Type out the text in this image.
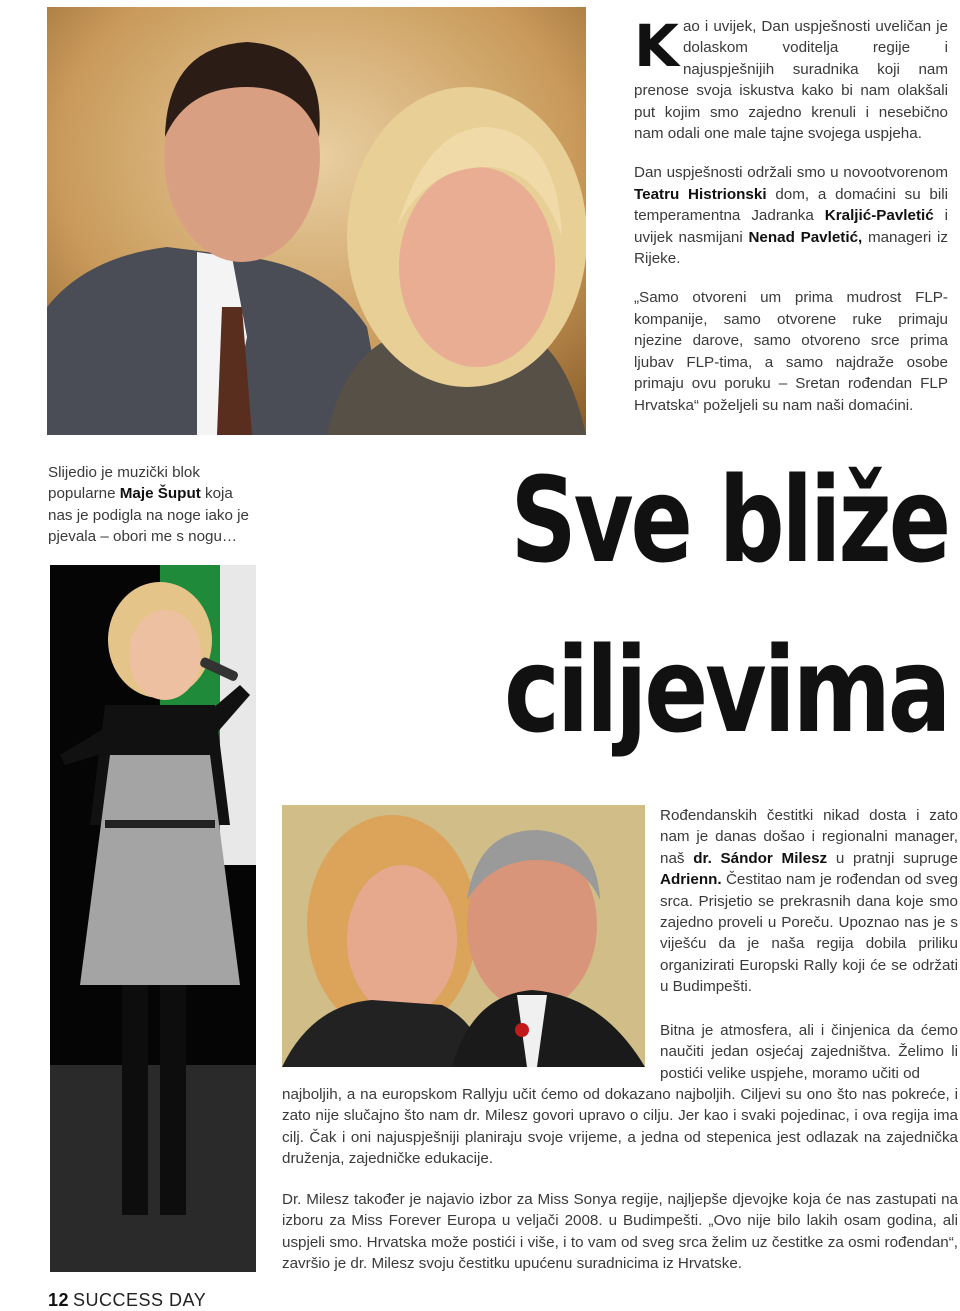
Kao i uvijek, Dan uspješnosti uveličan je dolaskom voditelja regije i najuspješnijih suradnika koji nam prenose svoja iskustva kako bi nam olakšali put kojim smo zajedno krenuli i nesebično nam odali one male tajne svojega uspjeha.

Dan uspješnosti održali smo u novootvorenom Teatru Histrionski dom, a domaćini su bili temperamentna Jadranka Kraljić-Pavletić i uvijek nasmijani Nenad Pavletić, manageri iz Rijeke.

„Samo otvoreni um prima mudrost FLP-kompanije, samo otvorene ruke primaju njezine darove, samo otvoreno srce prima ljubav FLP-tima, a samo najdraže osobe primaju ovu poruku – Sretan rođendan FLP Hrvatska“ poželjeli su nam naši domaćini.

Slijedio je muzički blok popularne Maje Šuput koja nas je podigla na noge iako je pjevala – obori me s nogu… Sve bliže
ciljevima
Rođendanskih čestitki nikad dosta i zato nam je danas došao i regionalni manager, naš dr. Sándor Milesz u pratnji supruge Adrienn. Čestitao nam je rođendan od sveg srca. Prisjetio se prekrasnih dana koje smo zajedno proveli u Poreču. Upoznao nas je s viješću da je naša regija dobila priliku organizirati Europski Rally koji će se održati u Budimpešti.
Bitna je atmosfera, ali i činjenica da ćemo naučiti jedan osjećaj zajedništva. Želimo li postići velike uspjehe, moramo učiti od
najboljih, a na europskom Rallyju učit ćemo od dokazano najboljih. Ciljevi su ono što nas pokreće, i zato nije slučajno što nam dr. Milesz govori upravo o cilju. Jer kao i svaki pojedinac, i ova regija ima cilj. Čak i oni najuspješniji planiraju svoje vrijeme, a jedna od stepenica jest odlazak na zajednička druženja, zajedničke edukacije.
Dr. Milesz također je najavio izbor za Miss Sonya regije, najljepše djevojke koja će nas zastupati na izboru za Miss Forever Europa u veljači 2008. u Budimpešti. „Ovo nije bilo lakih osam godina, ali uspjeli smo. Hrvatska može postići i više, i to vam od sveg srca želim uz čestitke za osmi rođendan“, završio je dr. Milesz svoju čestitku upućenu suradnicima iz Hrvatske.
12 SUCCESS DAY
